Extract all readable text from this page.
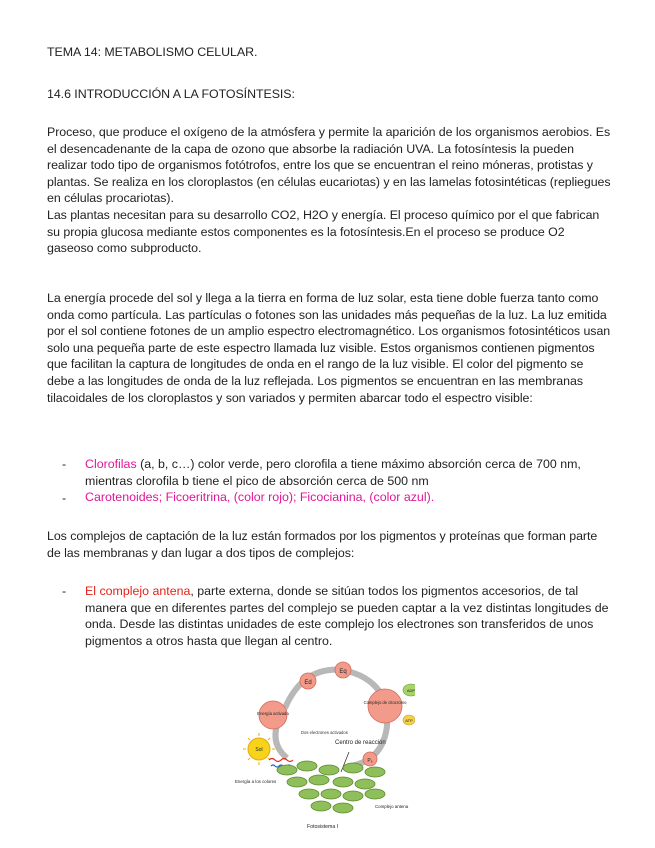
TEMA 14: METABOLISMO CELULAR.
14.6 INTRODUCCIÓN A LA FOTOSÍNTESIS:
Proceso, que produce el oxígeno de la atmósfera y permite la aparición de los organismos aerobios. Es el desencadenante de la capa de ozono que absorbe la radiación UVA. La fotosíntesis la pueden realizar todo tipo de organismos fotótrofos, entre los que se encuentran el reino móneras, protistas y plantas. Se realiza en los cloroplastos (en células eucariotas) y en las lamelas fotosintéticas (repliegues en células procariotas).
Las plantas necesitan para su desarrollo CO2, H2O y energía. El proceso químico por el que fabrican su propia glucosa mediante estos componentes es la fotosíntesis.En el proceso se produce O2 gaseoso como subproducto.
La energía procede del sol y llega a la tierra en forma de luz solar, esta tiene doble fuerza tanto como onda como partícula. Las partículas o fotones son las unidades más pequeñas de la luz. La luz emitida por el sol contiene fotones de un amplio espectro electromagnético. Los organismos fotosintéticos usan solo una pequeña parte de este espectro llamada luz visible. Estos organismos contienen pigmentos que facilitan la captura de longitudes de onda en el rango de la luz visible. El color del pigmento se debe a las longitudes de onda de la luz reflejada. Los pigmentos se encuentran en las membranas tilacoidales de los cloroplastos y son variados y permiten abarcar todo el espectro visible:
- Clorofilas (a, b, c…) color verde, pero clorofila a tiene máximo absorción cerca de 700 nm, mientras clorofila b tiene el pico de absorción cerca de 500 nm
- Carotenoides; Ficoeritrina, (color rojo); Ficocianina, (color azul).
Los complejos de captación de la luz están formados por los pigmentos y proteínas que forman parte de las membranas y dan lugar a dos tipos de complejos:
- El complejo antena, parte externa, donde se sitúan todos los pigmentos accesorios, de tal manera que en diferentes partes del complejo se pueden captar a la vez distintas longitudes de onda. Desde las distintas unidades de este complejo los electrones son transferidos de unos pigmentos a otros hasta que llegan al centro.
Eq
Ed
Complejo de citocromo
ADP
ATP
Energía activada
P₆
Dos electrones activados
Centro de reacción
Sol
Energía a los colores
Complejo antena
Fotosistema I
